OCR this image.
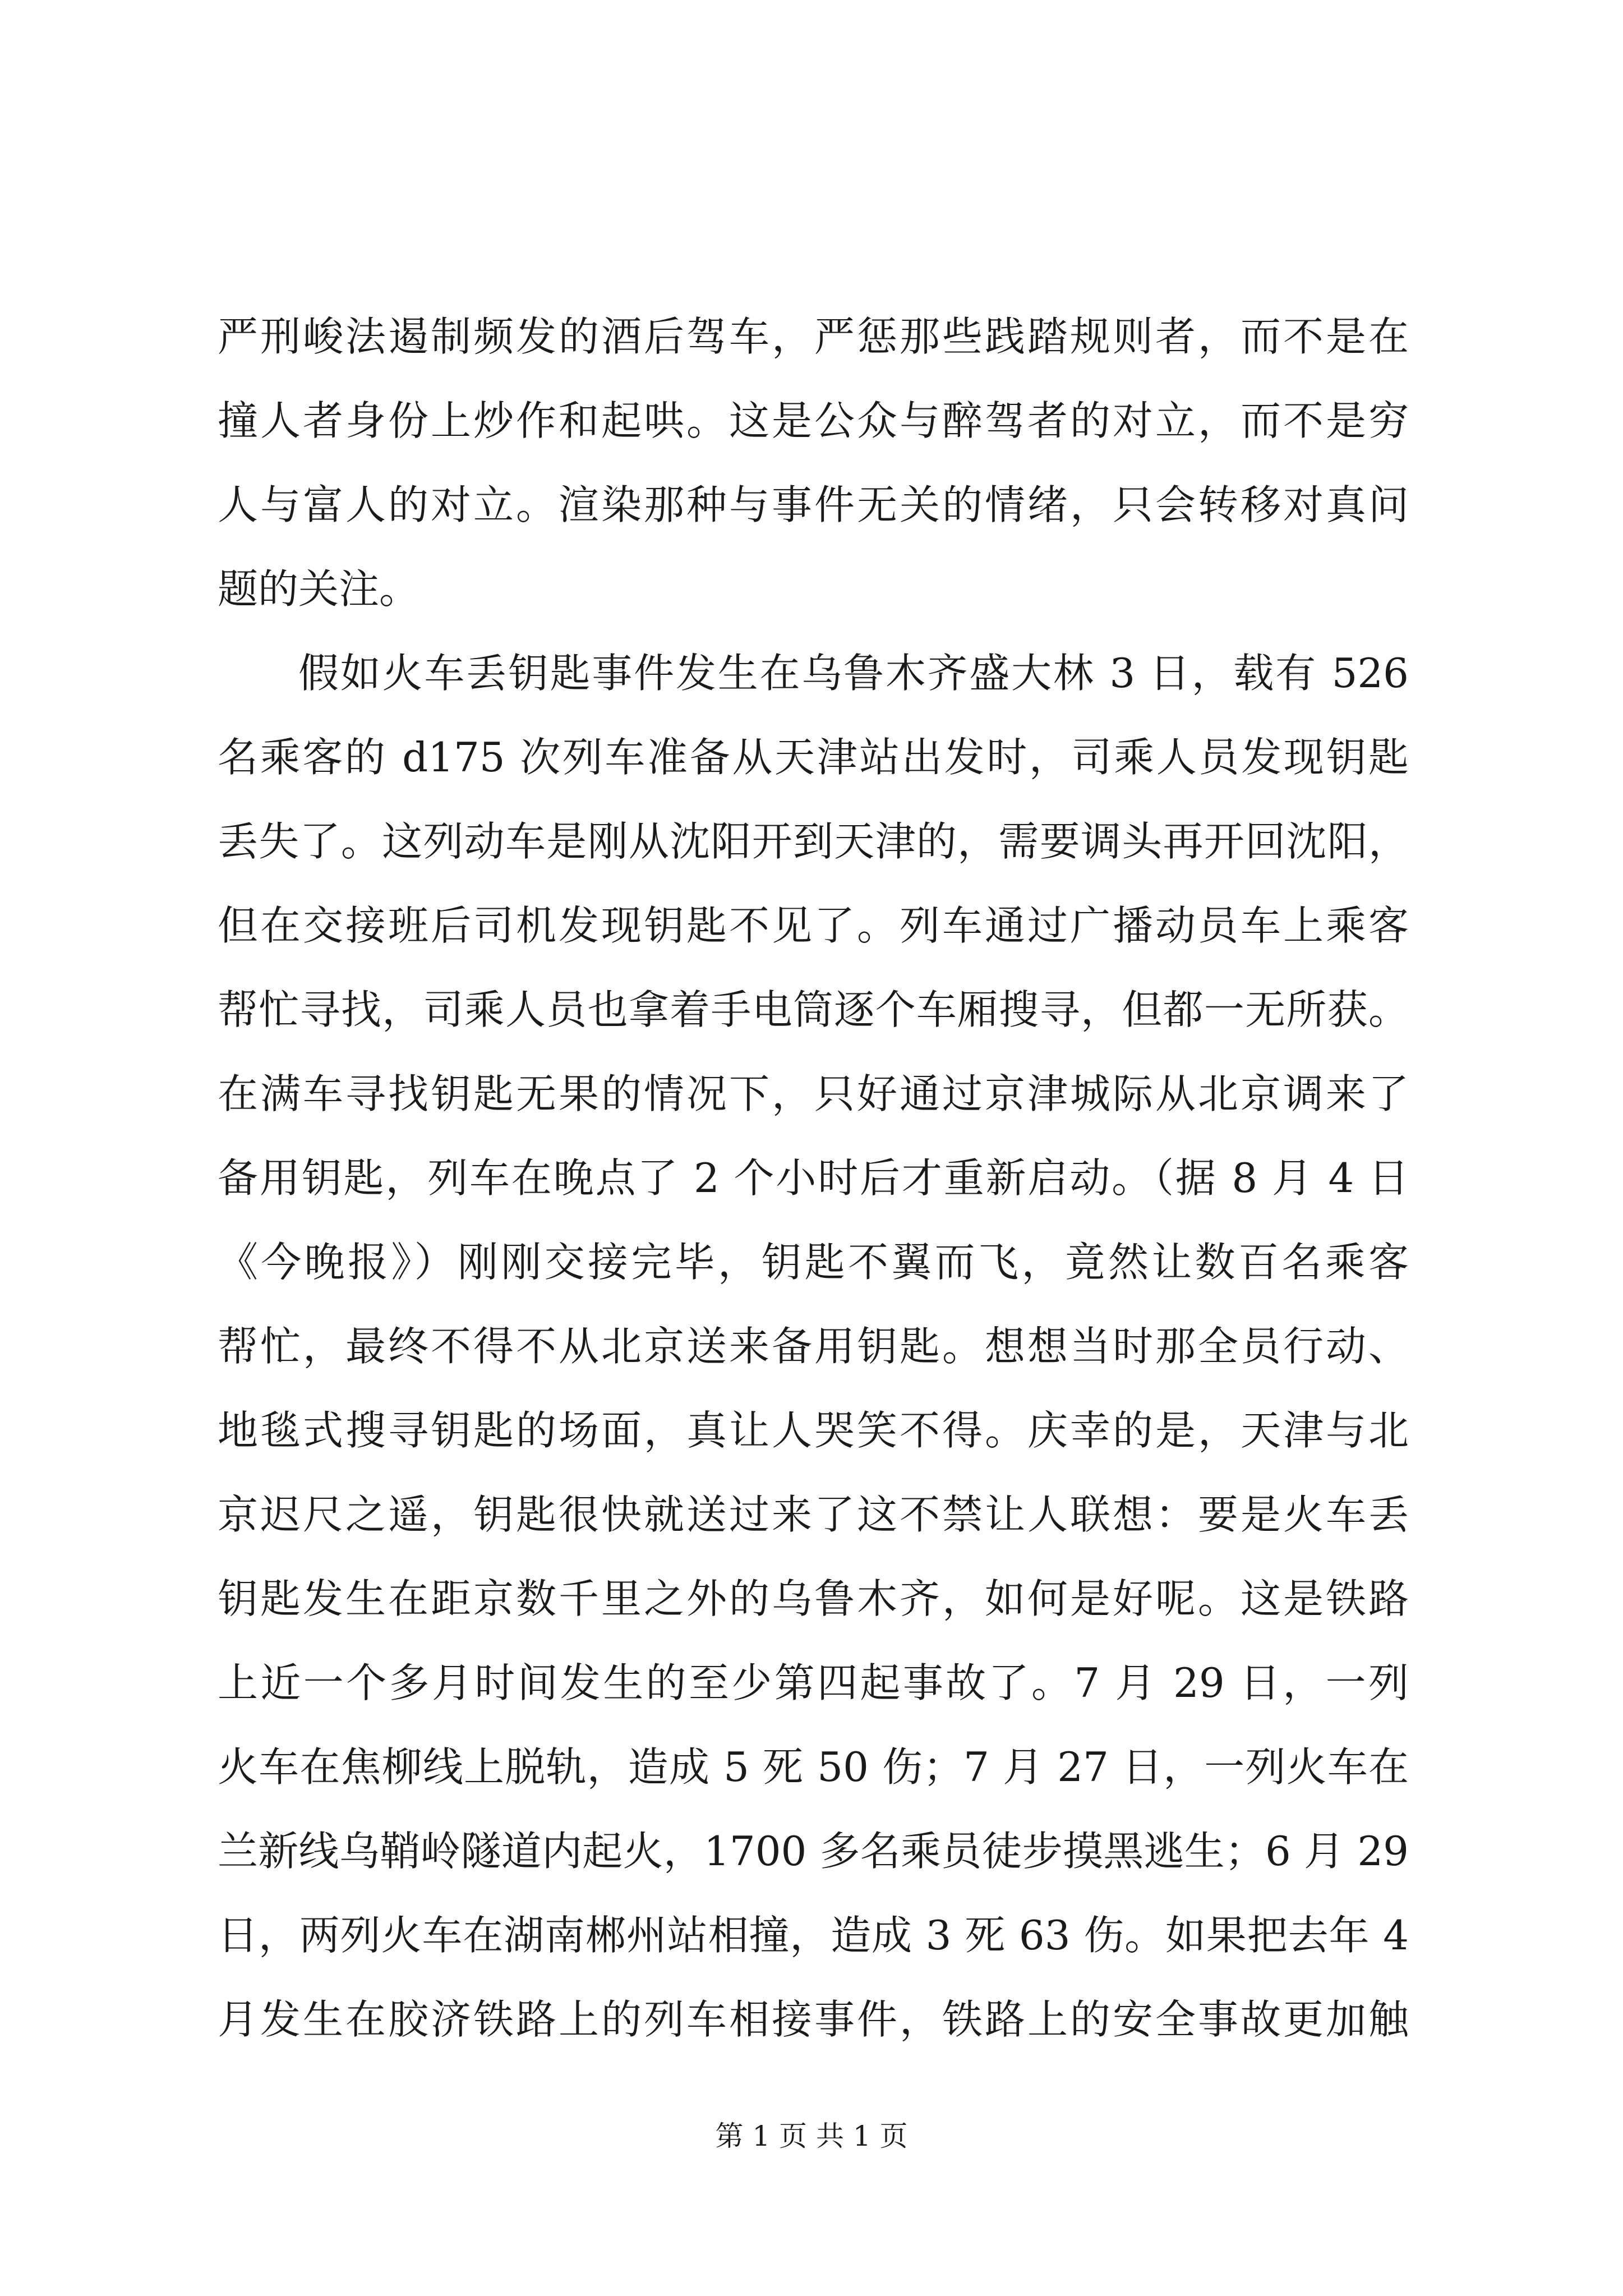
严刑峻法遏制频发的酒后驾车，严惩那些践踏规则者，而不是在
撞人者身份上炒作和起哄。这是公众与醉驾者的对立，而不是穷
人与富人的对立。渲染那种与事件无关的情绪，只会转移对真问
题的关注。
假如火车丢钥匙事件发生在乌鲁木齐盛大林 3 日，载有 526
名乘客的 d175 次列车准备从天津站出发时，司乘人员发现钥匙
丢失了。这列动车是刚从沈阳开到天津的，需要调头再开回沈阳，
但在交接班后司机发现钥匙不见了。列车通过广播动员车上乘客
帮忙寻找，司乘人员也拿着手电筒逐个车厢搜寻，但都一无所获。
在满车寻找钥匙无果的情况下，只好通过京津城际从北京调来了
备用钥匙，列车在晚点了 2 个小时后才重新启动。（据 8 月 4 日
《今晚报》）刚刚交接完毕，钥匙不翼而飞，竟然让数百名乘客
帮忙，最终不得不从北京送来备用钥匙。想想当时那全员行动、
地毯式搜寻钥匙的场面，真让人哭笑不得。庆幸的是，天津与北
京迟尺之遥，钥匙很快就送过来了这不禁让人联想：要是火车丢
钥匙发生在距京数千里之外的乌鲁木齐，如何是好呢。这是铁路
上近一个多月时间发生的至少第四起事故了。7 月 29 日，一列
火车在焦柳线上脱轨，造成 5 死 50 伤；7 月 27 日，一列火车在
兰新线乌鞘岭隧道内起火，1700 多名乘员徒步摸黑逃生；6 月 29
日，两列火车在湖南郴州站相撞，造成 3 死 63 伤。如果把去年 4
月发生在胶济铁路上的列车相接事件，铁路上的安全事故更加触
第 1 页 共 1 页
